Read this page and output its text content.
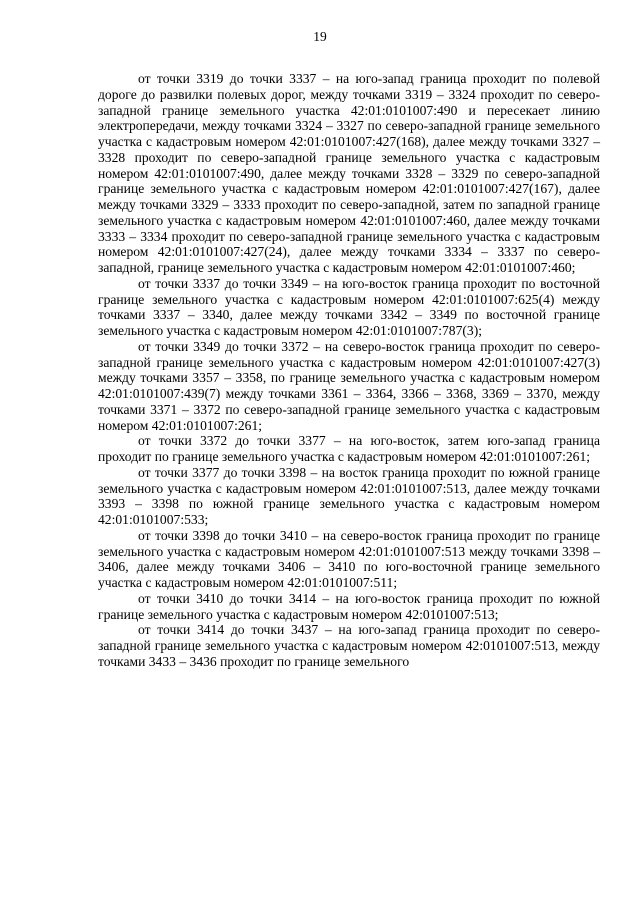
19

от точки 3319 до точки 3337 – на юго-запад граница проходит по полевой дороге до развилки полевых дорог, между точками 3319 – 3324 проходит по северо-западной границе земельного участка 42:01:0101007:490 и пересекает линию электропередачи, между точками 3324 – 3327 по северо-западной границе земельного участка с кадастровым номером 42:01:0101007:427(168), далее между точками 3327 – 3328 проходит по северо-западной границе земельного участка с кадастровым номером 42:01:0101007:490, далее между точками 3328 – 3329 по северо-западной границе земельного участка с кадастровым номером 42:01:0101007:427(167), далее между точками 3329 – 3333 проходит по северо-западной, затем по западной границе земельного участка с кадастровым номером 42:01:0101007:460, далее между точками 3333 – 3334 проходит по северо-западной границе земельного участка с кадастровым номером 42:01:0101007:427(24), далее между точками 3334 – 3337 по северо-западной, границе земельного участка с кадастровым номером 42:01:0101007:460;

от точки 3337 до точки 3349 – на юго-восток граница проходит по восточной границе земельного участка с кадастровым номером 42:01:0101007:625(4) между точками 3337 – 3340, далее между точками 3342 – 3349 по восточной границе земельного участка с кадастровым номером 42:01:0101007:787(3);

от точки 3349 до точки 3372 – на северо-восток граница проходит по северо-западной границе земельного участка с кадастровым номером 42:01:0101007:427(3) между точками 3357 – 3358, по границе земельного участка с кадастровым номером 42:01:0101007:439(7) между точками 3361 – 3364, 3366 – 3368, 3369 – 3370, между точками 3371 – 3372 по северо-западной границе земельного участка с кадастровым номером 42:01:0101007:261;

от точки 3372 до точки 3377 – на юго-восток, затем юго-запад граница проходит по границе земельного участка с кадастровым номером 42:01:0101007:261;

от точки 3377 до точки 3398 – на восток граница проходит по южной границе земельного участка с кадастровым номером 42:01:0101007:513, далее между точками 3393 – 3398 по южной границе земельного участка с кадастровым номером 42:01:0101007:533;

от точки 3398 до точки 3410 – на северо-восток граница проходит по границе земельного участка с кадастровым номером 42:01:0101007:513 между точками 3398 – 3406, далее между точками 3406 – 3410 по юго-восточной границе земельного участка с кадастровым номером 42:01:0101007:511;

от точки 3410 до точки 3414 – на юго-восток граница проходит по южной границе земельного участка с кадастровым номером 42:0101007:513;

от точки 3414 до точки 3437 – на юго-запад граница проходит по северо-западной границе земельного участка с кадастровым номером 42:0101007:513, между точками 3433 – 3436 проходит по границе земельного
